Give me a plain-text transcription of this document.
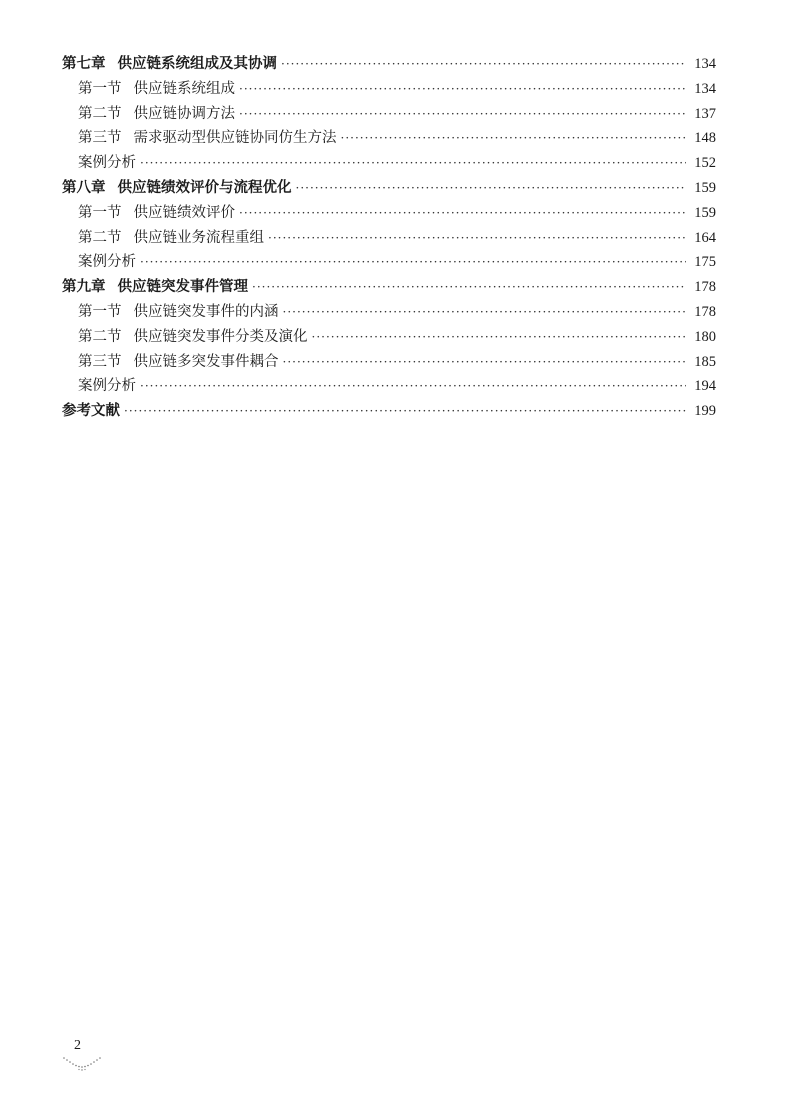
第七章 供应链系统组成及其协调 ·····	134
第一节 供应链系统组成 ·····	134
第二节 供应链协调方法 ·····	137
第三节 需求驱动型供应链协同仿生方法 ·····	148
案例分析 ·····	152
第八章 供应链绩效评价与流程优化 ·····	159
第一节 供应链绩效评价 ·····	159
第二节 供应链业务流程重组 ·····	164
案例分析 ·····	175
第九章 供应链突发事件管理 ·····	178
第一节 供应链突发事件的内涵 ·····	178
第二节 供应链突发事件分类及演化 ·····	180
第三节 供应链多突发事件耦合 ·····	185
案例分析 ·····	194
参考文献 ·····	199
2
